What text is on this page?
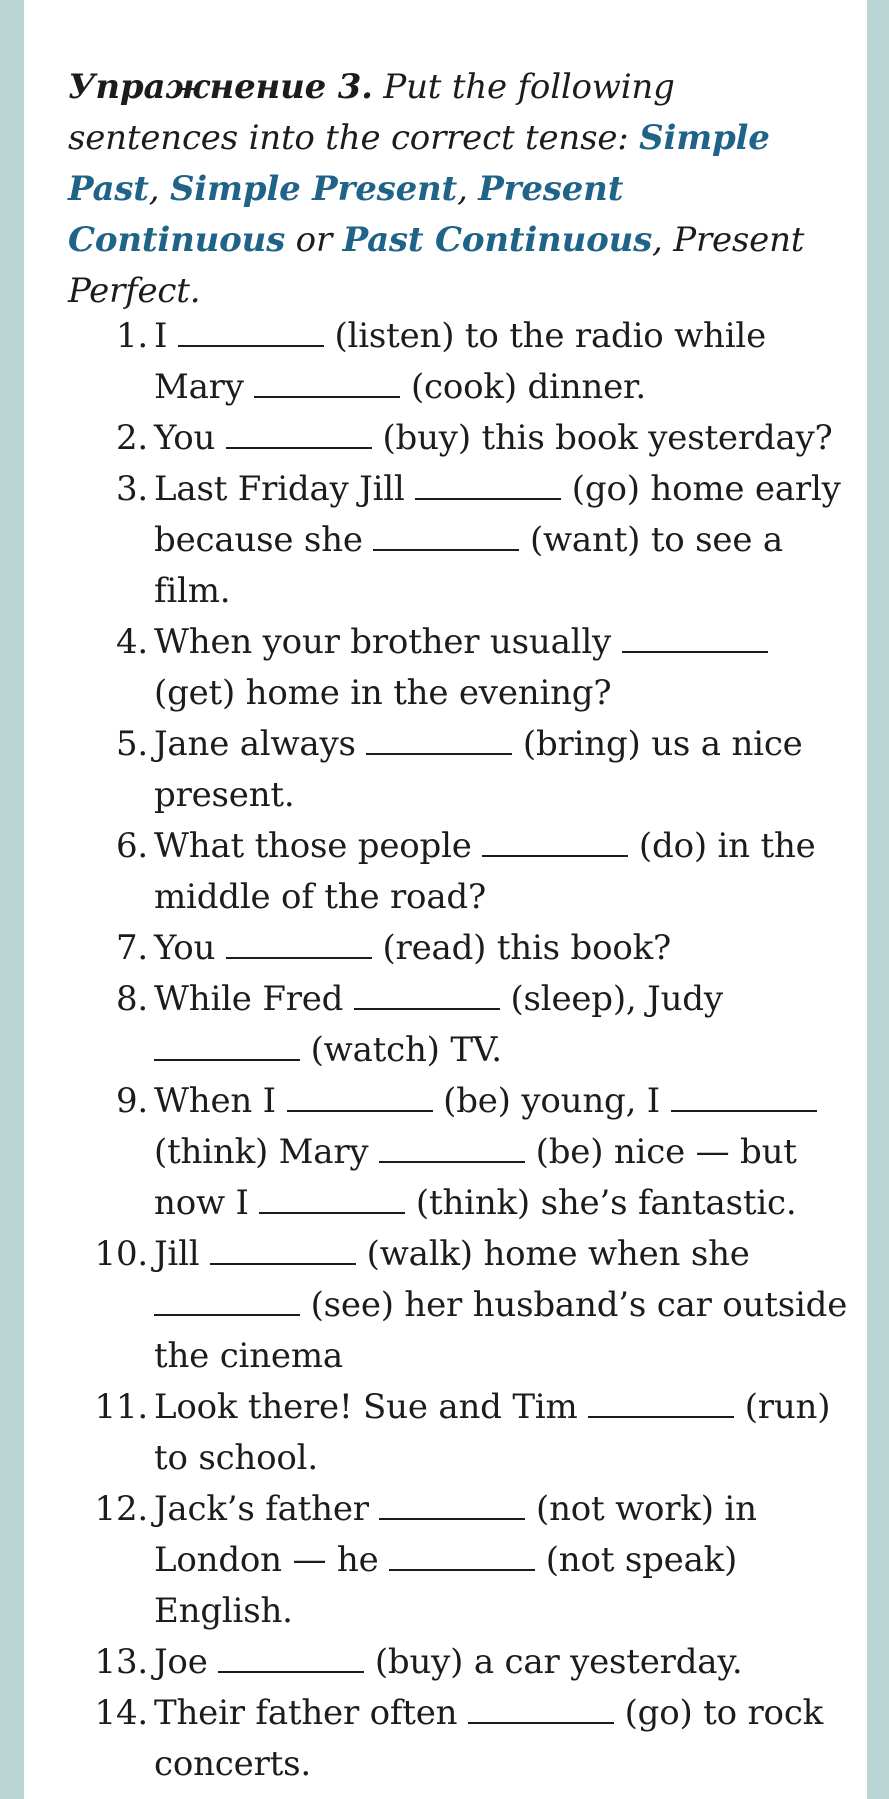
Упражнение 3. Put the following sentences into the correct tense: Simple Past, Simple Present, Present Continuous or Past Continuous, Present Perfect.
1. I	(listen) to the radio while Mary	(cook) dinner.
2. You	(buy) this book yesterday?
3. Last Friday Jill	(go) home early because she	(want) to see a film.
4. When your brother usually  (get) home in the evening?
5. Jane always	(bring) us a nice present.
6. What those people	(do) in the middle of the road?
7. You	(read) this book?
8. While Fred	(sleep), Judy  (watch) TV.
9. When I	(be) young, I  (think) Mary	(be) nice — but now I	(think) she’s fantastic.
10. Jill	(walk) home when she  (see) her husband’s car outside the cinema
11. Look there! Sue and Tim	(run) to school.
12. Jack’s father	(not work) in London — he	(not speak) English.
13. Joe	(buy) a car yesterday.
14. Their father often	(go) to rock concerts.
